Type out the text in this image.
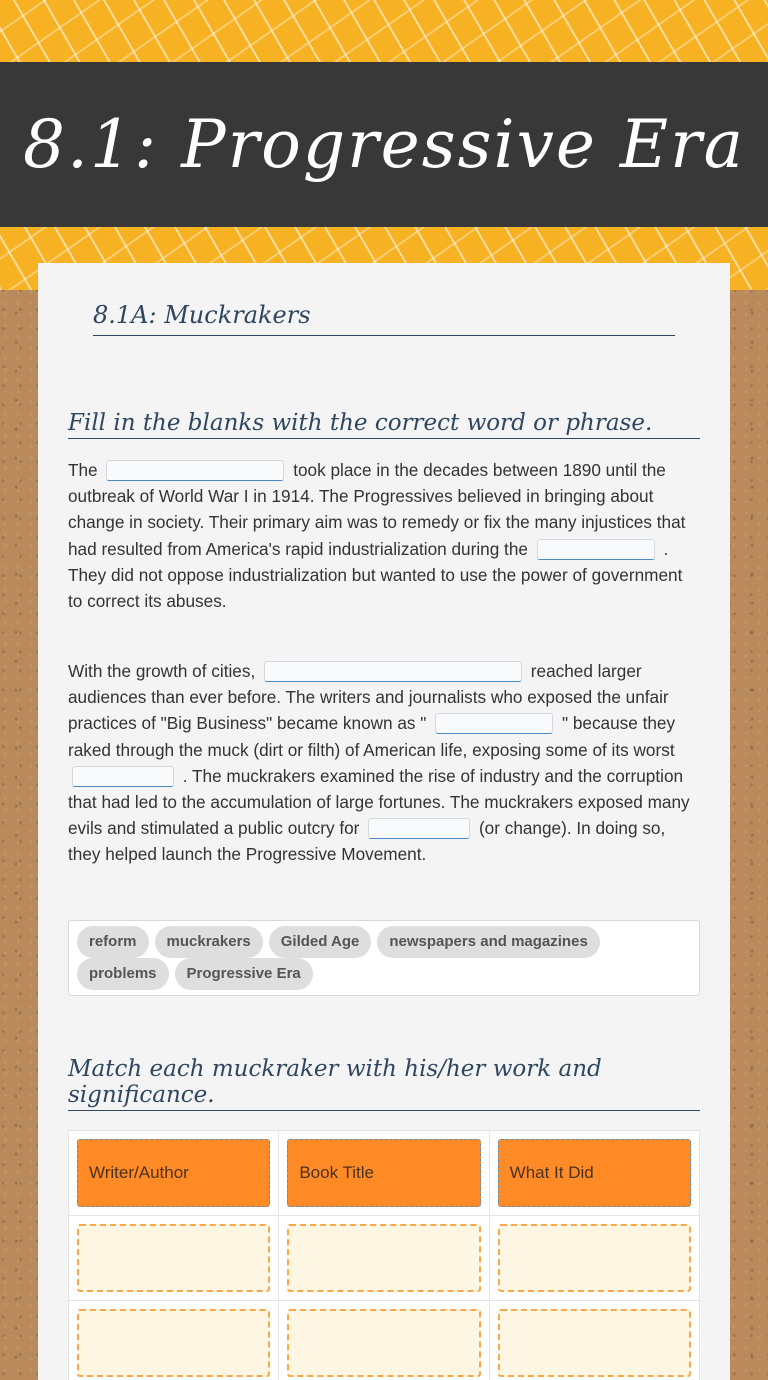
8.1: Progressive Era
8.1A: Muckrakers
Fill in the blanks with the correct word or phrase.
The	took place in the decades between 1890 until the outbreak of World War I in 1914. The Progressives believed in bringing about change in society. Their primary aim was to remedy or fix the many injustices that had resulted from America's rapid industrialization during the	. They did not oppose industrialization but wanted to use the power of government to correct its abuses.
With the growth of cities,	reached larger audiences than ever before. The writers and journalists who exposed the unfair practices of "Big Business" became known as "	" because they raked through the muck (dirt or filth) of American life, exposing some of its worst  . The muckrakers examined the rise of industry and the corruption that had led to the accumulation of large fortunes. The muckrakers exposed many evils and stimulated a public outcry for	(or change). In doing so, they helped launch the Progressive Movement.
reform muckrakers Gilded Age newspapers and magazines
problems Progressive Era
Match each muckraker with his/her work and significance.
Writer/Author	Book Title	What It Did
